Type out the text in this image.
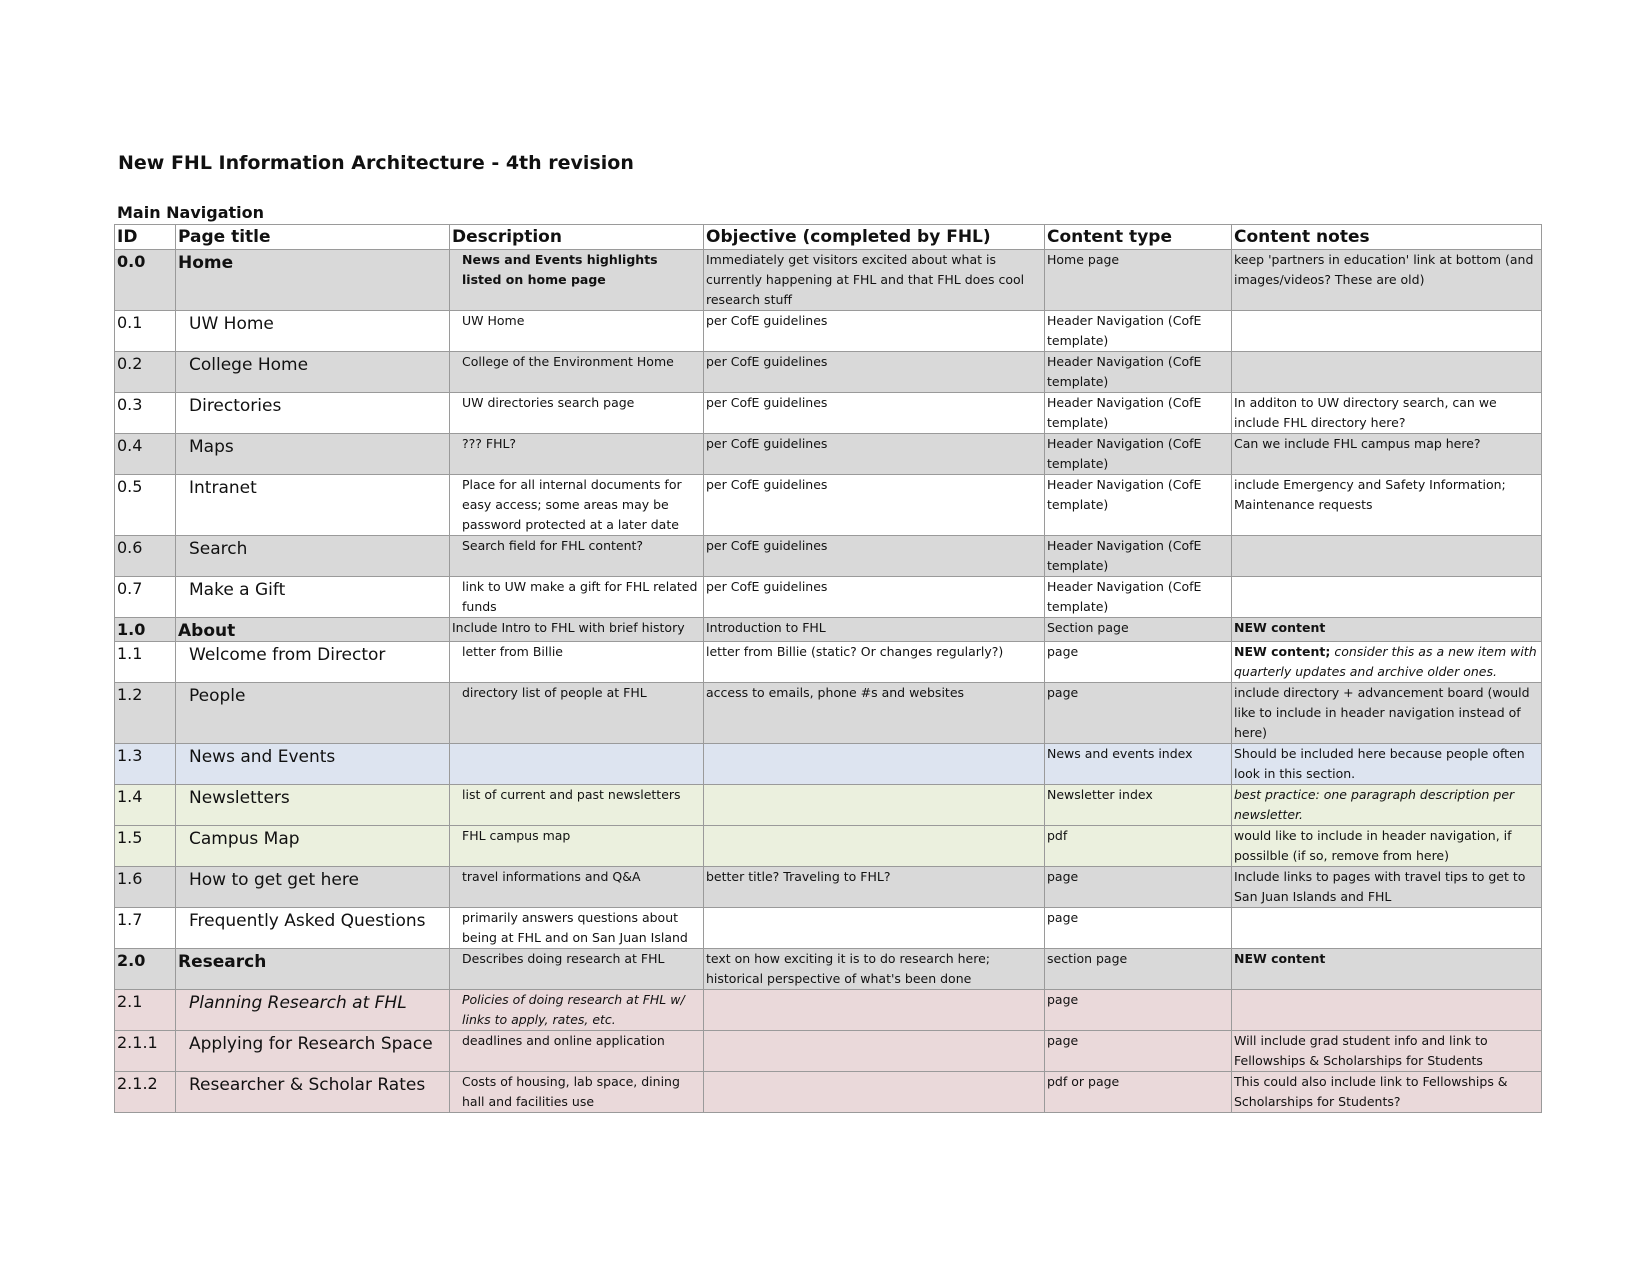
New FHL Information Architecture - 4th revision
Main Navigation
ID	Page title	Description	Objective (completed by FHL)	Content type	Content notes
0.0	Home	News and Events highlights listed on home page	Immediately get visitors excited about what is currently happening at FHL and that FHL does cool research stuff	Home page	keep 'partners in education' link at bottom (and images/videos? These are old)
0.1	UW Home	UW Home	per CofE guidelines	Header Navigation (CofE template)	
0.2	College Home	College of the Environment Home	per CofE guidelines	Header Navigation (CofE template)	
0.3	Directories	UW directories search page	per CofE guidelines	Header Navigation (CofE template)	In additon to UW directory search, can we include FHL directory here?
0.4	Maps	??? FHL?	per CofE guidelines	Header Navigation (CofE template)	Can we include FHL campus map here?
0.5	Intranet	Place for all internal documents for easy access; some areas may be password protected at a later date	per CofE guidelines	Header Navigation (CofE template)	include Emergency and Safety Information; Maintenance requests
0.6	Search	Search field for FHL content?	per CofE guidelines	Header Navigation (CofE template)	
0.7	Make a Gift	link to UW make a gift for FHL related funds	per CofE guidelines	Header Navigation (CofE template)	
1.0	About	Include Intro to FHL with brief history	Introduction to FHL	Section page	NEW content
1.1	Welcome from Director	letter from Billie	letter from Billie (static? Or changes regularly?)	page	NEW content; consider this as a new item with quarterly updates and archive older ones.
1.2	People	directory list of people at FHL	access to emails, phone #s and websites	page	include directory + advancement board (would like to include in header navigation instead of here)
1.3	News and Events			News and events index	Should be included here because people often look in this section.
1.4	Newsletters	list of current and past newsletters		Newsletter index	best practice: one paragraph description per newsletter.
1.5	Campus Map	FHL campus map		pdf	would like to include in header navigation, if possilble (if so, remove from here)
1.6	How to get get here	travel informations and Q&A	better title? Traveling to FHL?	page	Include links to pages with travel tips to get to San Juan Islands and FHL
1.7	Frequently Asked Questions	primarily answers questions about being at FHL and on San Juan Island		page	
2.0	Research	Describes doing research at FHL	text on how exciting it is to do research here; historical perspective of what's been done	section page	NEW content
2.1	Planning Research at FHL	Policies of doing research at FHL w/ links to apply, rates, etc.		page	
2.1.1	Applying for Research Space	deadlines and online application		page	Will include grad student info and link to Fellowships & Scholarships for Students
2.1.2	Researcher & Scholar Rates	Costs of housing, lab space, dining hall and facilities use		pdf or page	This could also include link to Fellowships & Scholarships for Students?
